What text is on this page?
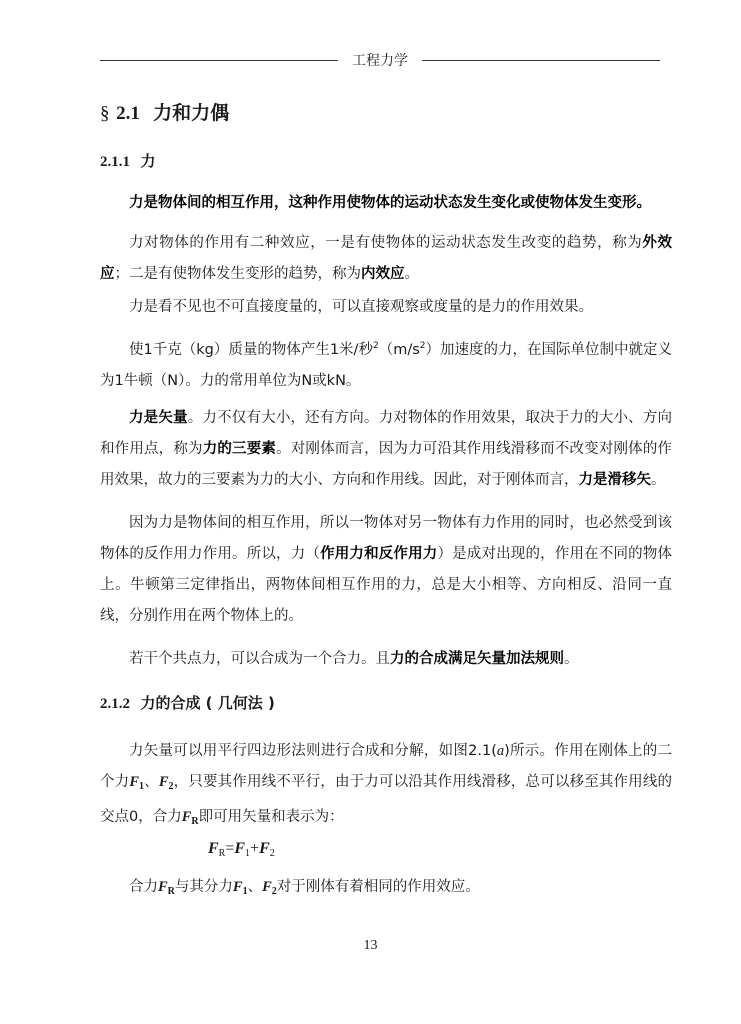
工程力学
§ 2.1 力和力偶
2.1.1 力
力是物体间的相互作用，这种作用使物体的运动状态发生变化或使物体发生变形。
力对物体的作用有二种效应，一是有使物体的运动状态发生改变的趋势，称为外效应；二是有使物体发生变形的趋势，称为内效应。
力是看不见也不可直接度量的，可以直接观察或度量的是力的作用效果。
使1千克（kg）质量的物体产生1米/秒$^2(m/s^2)$加速度的力，在国际单位制中就定义为1牛顿（N）。力的常用单位为N或kN。
力是矢量。力不仅有大小，还有方向。力对物体的作用效果，取决于力的大小、方向和作用点，称为力的三要素。对刚体而言，因为力可沿其作用线滑移而不改变对刚体的作用效果，故力的三要素为力的大小、方向和作用线。因此，对于刚体而言，力是滑移矢。
因为力是物体间的相互作用，所以一物体对另一物体有力作用的同时，也必然受到该物体的反作用力作用。所以，力（作用力和反作用力）是成对出现的，作用在不同的物体上。牛顿第三定律指出，两物体间相互作用的力，总是大小相等、方向相反、沿同一直线，分别作用在两个物体上的。
若干个共点力，可以合成为一个合力。且力的合成满足矢量加法规则。
2.1.2 力的合成 ( 几何法 )
力矢量可以用平行四边形法则进行合成和分解，如图2.1(a)所示。作用在刚体上的二个力$F_1$、$F_2$，只要其作用线不平行，由于力可以沿其作用线滑移，总可以移至其作用线的交点0，合力$F_R$即可用矢量和表示为：
$F_R=F_1+F_2$
合力$F_R$与其分力$F_1$、$F_2$对于刚体有着相同的作用效应。
13
